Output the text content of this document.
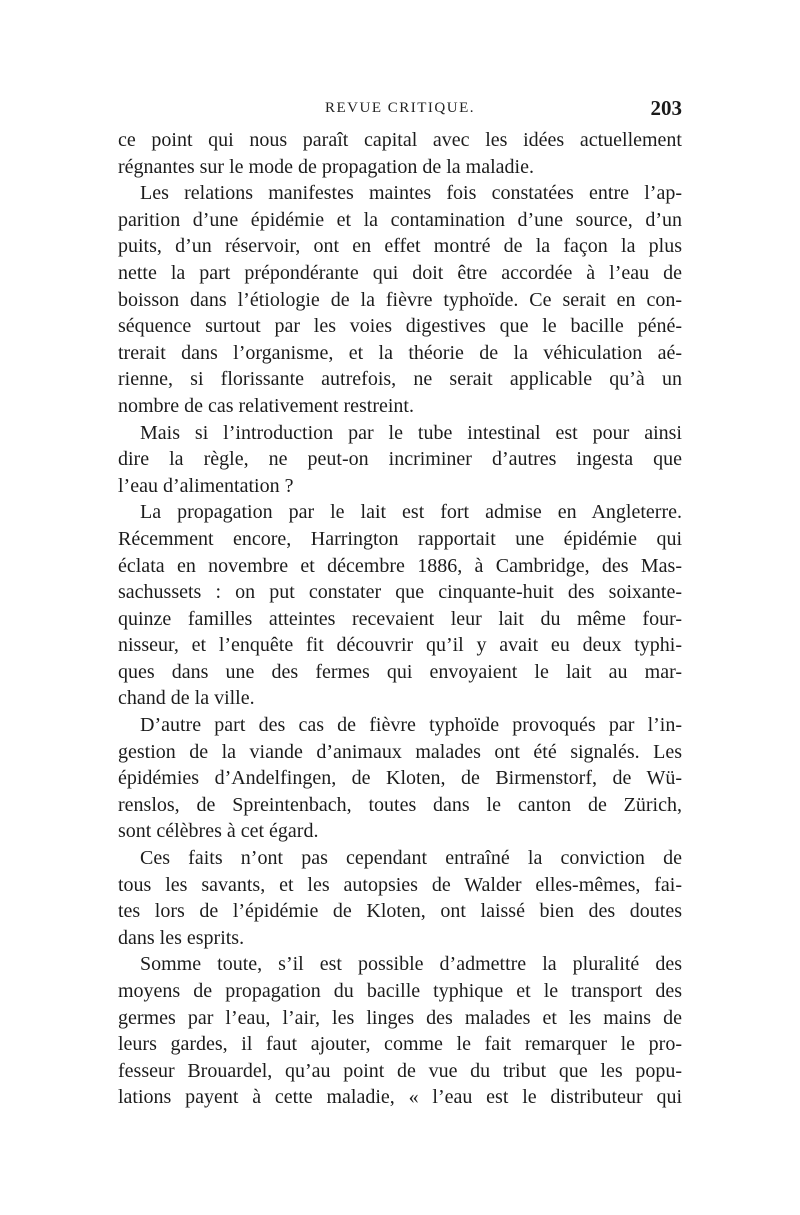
REVUE CRITIQUE.	203
ce point qui nous paraît capital avec les idées actuellement
régnantes sur le mode de propagation de la maladie.
Les relations manifestes maintes fois constatées entre l’ap-
parition d’une épidémie et la contamination d’une source, d’un
puits, d’un réservoir, ont en effet montré de la façon la plus
nette la part prépondérante qui doit être accordée à l’eau de
boisson dans l’étiologie de la fièvre typhoïde. Ce serait en con-
séquence surtout par les voies digestives que le bacille péné-
trerait dans l’organisme, et la théorie de la véhiculation aé-
rienne, si florissante autrefois, ne serait applicable qu’à un
nombre de cas relativement restreint.
Mais si l’introduction par le tube intestinal est pour ainsi
dire la règle, ne peut-on incriminer d’autres ingesta que
l’eau d’alimentation ?
La propagation par le lait est fort admise en Angleterre.
Récemment encore, Harrington rapportait une épidémie qui
éclata en novembre et décembre 1886, à Cambridge, des Mas-
sachussets : on put constater que cinquante-huit des soixante-
quinze familles atteintes recevaient leur lait du même four-
nisseur, et l’enquête fit découvrir qu’il y avait eu deux typhi-
ques dans une des fermes qui envoyaient le lait au mar-
chand de la ville.
D’autre part des cas de fièvre typhoïde provoqués par l’in-
gestion de la viande d’animaux malades ont été signalés. Les
épidémies d’Andelfingen, de Kloten, de Birmenstorf, de Wü-
renslos, de Spreintenbach, toutes dans le canton de Zürich,
sont célèbres à cet égard.
Ces faits n’ont pas cependant entraîné la conviction de
tous les savants, et les autopsies de Walder elles-mêmes, fai-
tes lors de l’épidémie de Kloten, ont laissé bien des doutes
dans les esprits.
Somme toute, s’il est possible d’admettre la pluralité des
moyens de propagation du bacille typhique et le transport des
germes par l’eau, l’air, les linges des malades et les mains de
leurs gardes, il faut ajouter, comme le fait remarquer le pro-
fesseur Brouardel, qu’au point de vue du tribut que les popu-
lations payent à cette maladie, « l’eau est le distributeur qui
